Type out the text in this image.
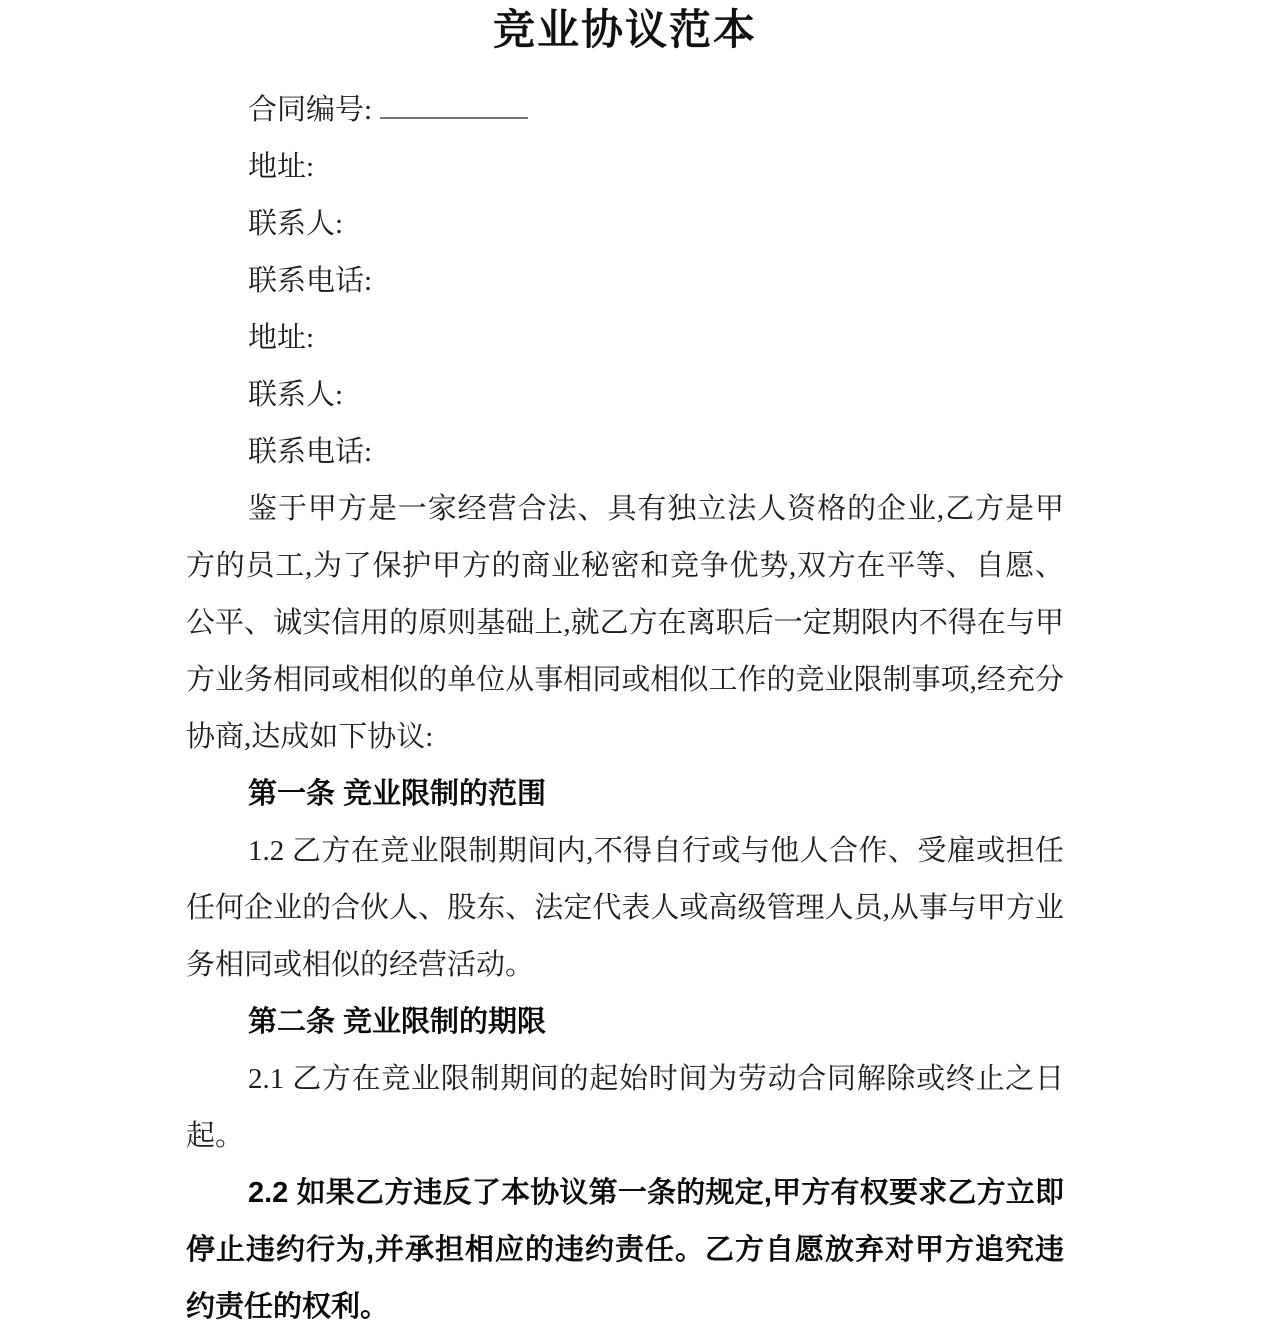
竞业协议范本
合同编号:
地址:
联系人:
联系电话:
地址:
联系人:
联系电话:

鉴于甲方是一家经营合法、具有独立法人资格的企业,乙方是甲方的员工,为了保护甲方的商业秘密和竞争优势,双方在平等、自愿、公平、诚实信用的原则基础上,就乙方在离职后一定期限内不得在与甲方业务相同或相似的单位从事相同或相似工作的竞业限制事项,经充分协商,达成如下协议:

第一条 竞业限制的范围

1.2 乙方在竞业限制期间内,不得自行或与他人合作、受雇或担任任何企业的合伙人、股东、法定代表人或高级管理人员,从事与甲方业务相同或相似的经营活动。

第二条 竞业限制的期限

2.1 乙方在竞业限制期间的起始时间为劳动合同解除或终止之日起。

2.2 如果乙方违反了本协议第一条的规定,甲方有权要求乙方立即停止违约行为,并承担相应的违约责任。乙方自愿放弃对甲方追究违约责任的权利。
